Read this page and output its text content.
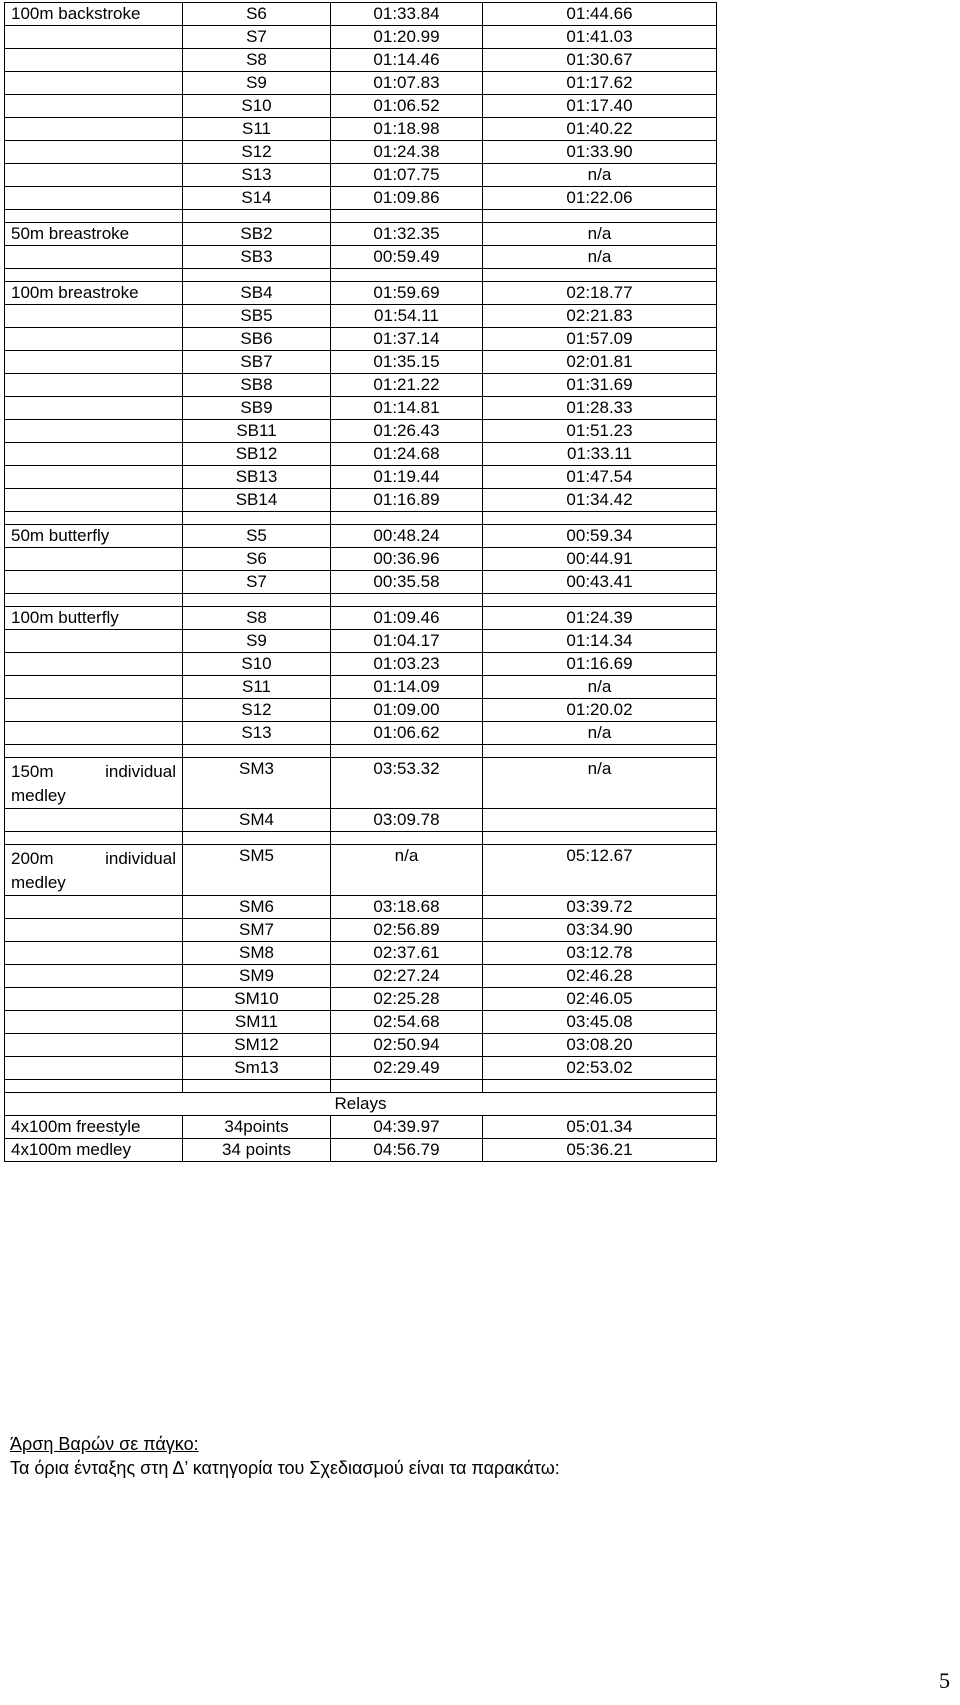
100m backstroke	S6	01:33.84	01:44.66
	S7	01:20.99	01:41.03
	S8	01:14.46	01:30.67
	S9	01:07.83	01:17.62
	S10	01:06.52	01:17.40
	S11	01:18.98	01:40.22
	S12	01:24.38	01:33.90
	S13	01:07.75	n/a
	S14	01:09.86	01:22.06

50m breastroke	SB2	01:32.35	n/a
	SB3	00:59.49	n/a

100m breastroke	SB4	01:59.69	02:18.77
	SB5	01:54.11	02:21.83
	SB6	01:37.14	01:57.09
	SB7	01:35.15	02:01.81
	SB8	01:21.22	01:31.69
	SB9	01:14.81	01:28.33
	SB11	01:26.43	01:51.23
	SB12	01:24.68	01:33.11
	SB13	01:19.44	01:47.54
	SB14	01:16.89	01:34.42

50m butterfly	S5	00:48.24	00:59.34
	S6	00:36.96	00:44.91
	S7	00:35.58	00:43.41

100m butterfly	S8	01:09.46	01:24.39
	S9	01:04.17	01:14.34
	S10	01:03.23	01:16.69
	S11	01:14.09	n/a
	S12	01:09.00	01:20.02
	S13	01:06.62	n/a

150m individual medley	SM3	03:53.32	n/a
	SM4	03:09.78	

200m individual medley	SM5	n/a	05:12.67
	SM6	03:18.68	03:39.72
	SM7	02:56.89	03:34.90
	SM8	02:37.61	03:12.78
	SM9	02:27.24	02:46.28
	SM10	02:25.28	02:46.05
	SM11	02:54.68	03:45.08
	SM12	02:50.94	03:08.20
	Sm13	02:29.49	02:53.02

Relays			
4x100m freestyle	34points	04:39.97	05:01.34
4x100m medley	34 points	04:56.79	05:36.21
Άρση Βαρών σε πάγκο:
Τα όρια ένταξης στη Δ’ κατηγορία του Σχεδιασμού είναι τα παρακάτω:
5
